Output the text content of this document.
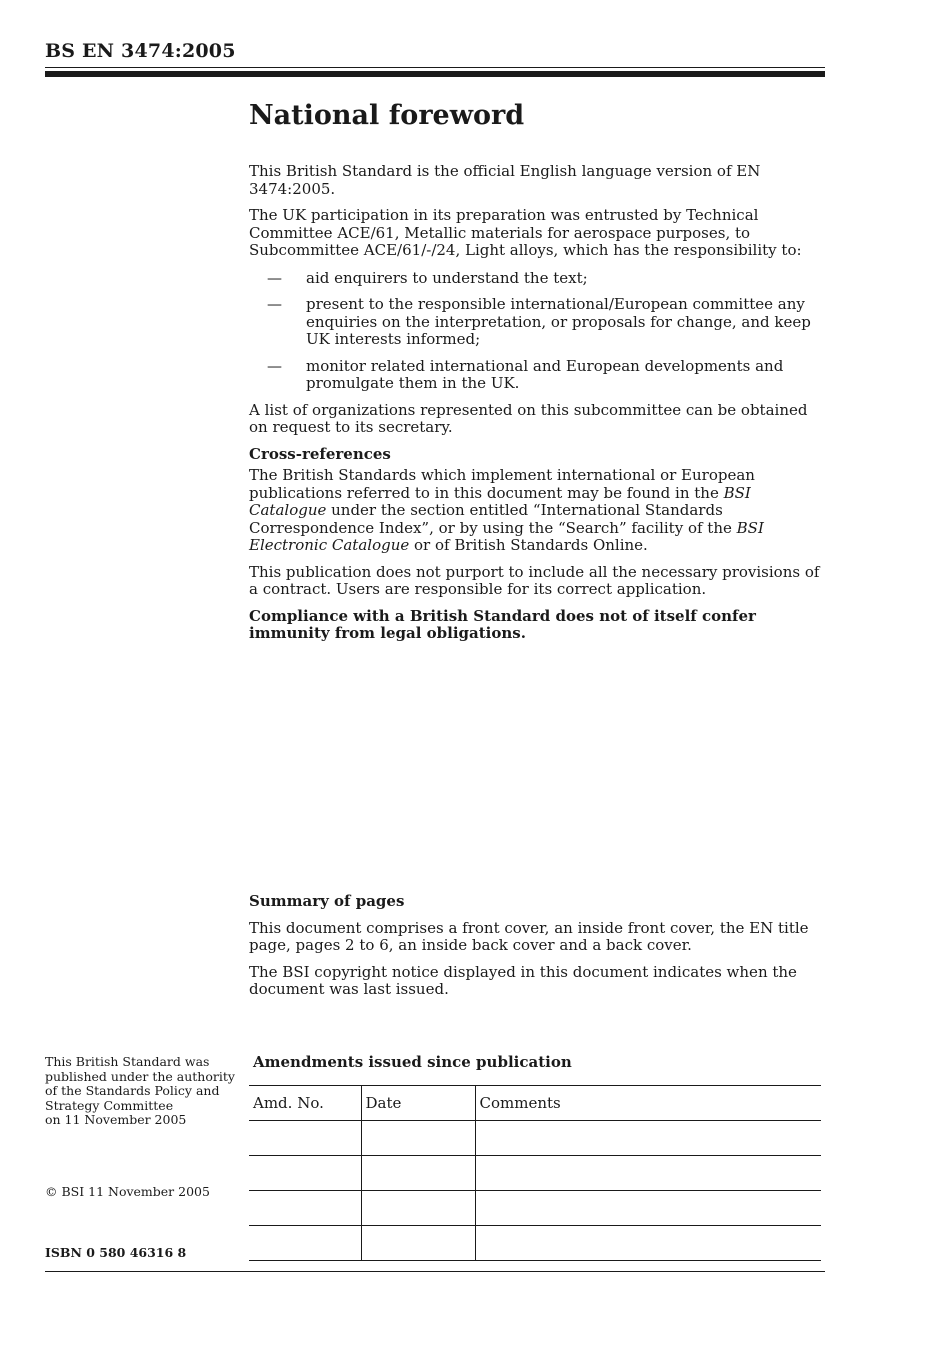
BS EN 3474:2005
National foreword

This British Standard is the official English language version of EN 3474:2005.

The UK participation in its preparation was entrusted by Technical Committee ACE/61, Metallic materials for aerospace purposes, to Subcommittee ACE/61/-/24, Light alloys, which has the responsibility to:

— aid enquirers to understand the text;
— present to the responsible international/European committee any enquiries on the interpretation, or proposals for change, and keep UK interests informed;
— monitor related international and European developments and promulgate them in the UK.

A list of organizations represented on this subcommittee can be obtained on request to its secretary.

Cross-references

The British Standards which implement international or European publications referred to in this document may be found in the BSI Catalogue under the section entitled “International Standards Correspondence Index”, or by using the “Search” facility of the BSI Electronic Catalogue or of British Standards Online.

This publication does not purport to include all the necessary provisions of a contract. Users are responsible for its correct application.

Compliance with a British Standard does not of itself confer immunity from legal obligations.

Summary of pages

This document comprises a front cover, an inside front cover, the EN title page, pages 2 to 6, an inside back cover and a back cover.

The BSI copyright notice displayed in this document indicates when the document was last issued.

This British Standard was
published under the authority
of the Standards Policy and
Strategy Committee
on 11 November 2005
© BSI 11 November 2005
ISBN 0 580 46316 8
Amendments issued since publication
Amd. No.	Date	Comments
